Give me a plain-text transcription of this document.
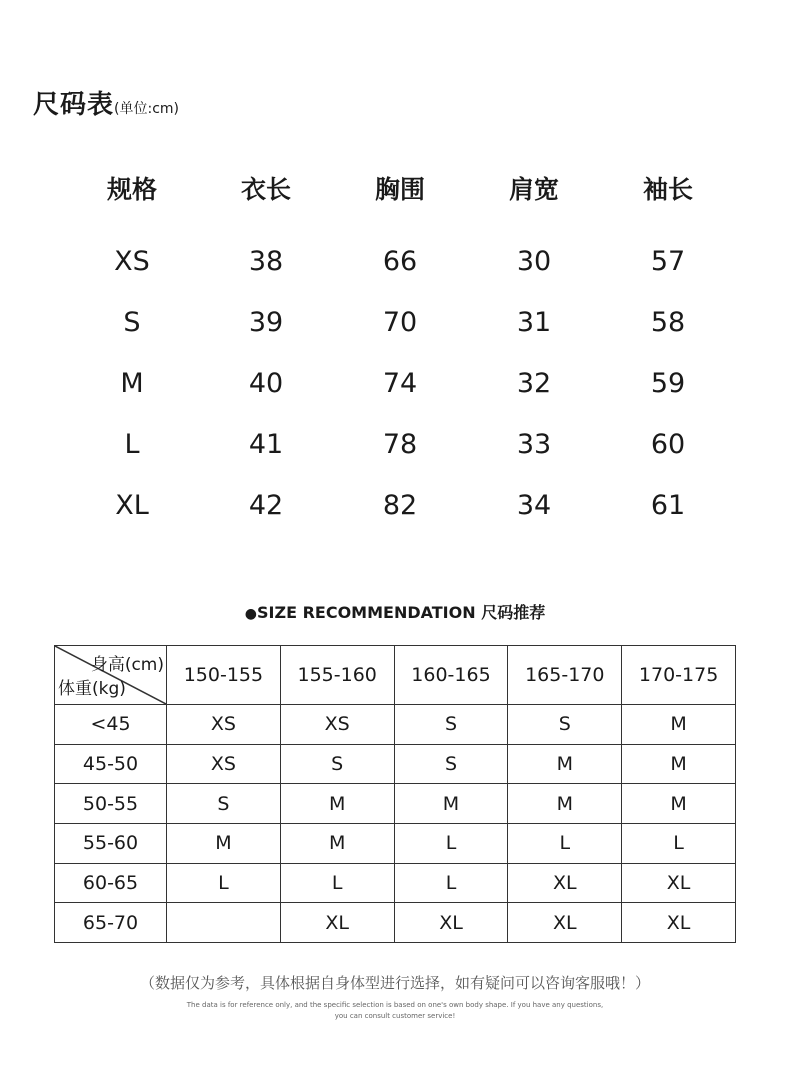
尺码表(单位:cm)
规格	衣长	胸围	肩宽	袖长
XS	38	66	30	57
S	39	70	31	58
M	40	74	32	59
L	41	78	33	60
XL	42	82	34	61
●SIZE RECOMMENDATION 尺码推荐
身高(cm)
体重(kg)	150-155	155-160	160-165	165-170	170-175
<45	XS	XS	S	S	M
45-50	XS	S	S	M	M
50-55	S	M	M	M	M
55-60	M	M	L	L	L
60-65	L	L	L	XL	XL
65-70		XL	XL	XL	XL
（数据仅为参考，具体根据自身体型进行选择，如有疑问可以咨询客服哦！）
The data is for reference only, and the specific selection is based on one's own body shape. If you have any questions,
you can consult customer service!
